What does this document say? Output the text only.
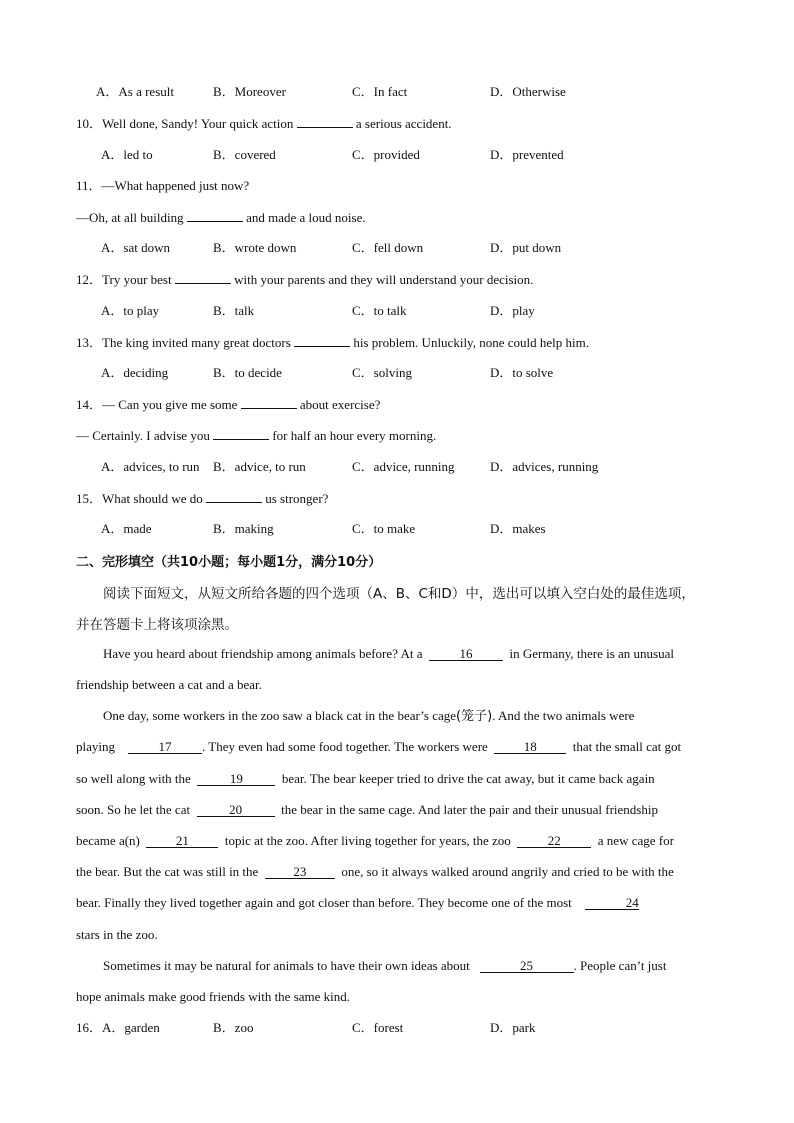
A．As a result	B．Moreover	C．In fact	D．Otherwise
10．Well done, Sandy! Your quick action	a serious accident.
A．led to	B．covered	C．provided	D．prevented
11．—What happened just now?
—Oh, at all building	and made a loud noise.
A．sat down	B．wrote down	C．fell down	D．put down
12．Try your best	with your parents and they will understand your decision.
A．to play	B．talk	C．to talk	D．play
13．The king invited many great doctors	his problem. Unluckily, none could help him.
A．deciding	B．to decide	C．solving	D．to solve
14．— Can you give me some	about exercise?
— Certainly. I advise you	for half an hour every morning.
A．advices, to run B．advice, to run	C．advice, running	D．advices, running
15．What should we do	us stronger?
A．made	B．making	C．to make	D．makes
二、完形填空（共10小题；每小题1分，满分10分）
阅读下面短文，从短文所给各题的四个选项（A、B、C和D）中，选出可以填入空白处的最佳选项，
并在答题卡上将该项涂黑。
Have you heard about friendship among animals before? At a	16	in Germany, there is an unusual
friendship between a cat and a bear.
One day, some workers in the zoo saw a black cat in the bear’s cage(笼子). And the two animals were
playing	17 . They even had some food together. The workers were	18	that the small cat got
so well along with the	19	bear. The bear keeper tried to drive the cat away, but it came back again
soon. So he let the cat	20	the bear in the same cage. And later the pair and their unusual friendship
became a(n)	21	topic at the zoo. After living together for years, the zoo	22	a new cage for
the bear. But the cat was still in the	23	one, so it always walked around angrily and cried to be with the
bear. Finally they lived together again and got closer than before. They become one of the most	24
stars in the zoo.
Sometimes it may be natural for animals to have their own ideas about	25	. People can’t just
hope animals make good friends with the same kind.
16．A．garden	B．zoo	C．forest	D．park
